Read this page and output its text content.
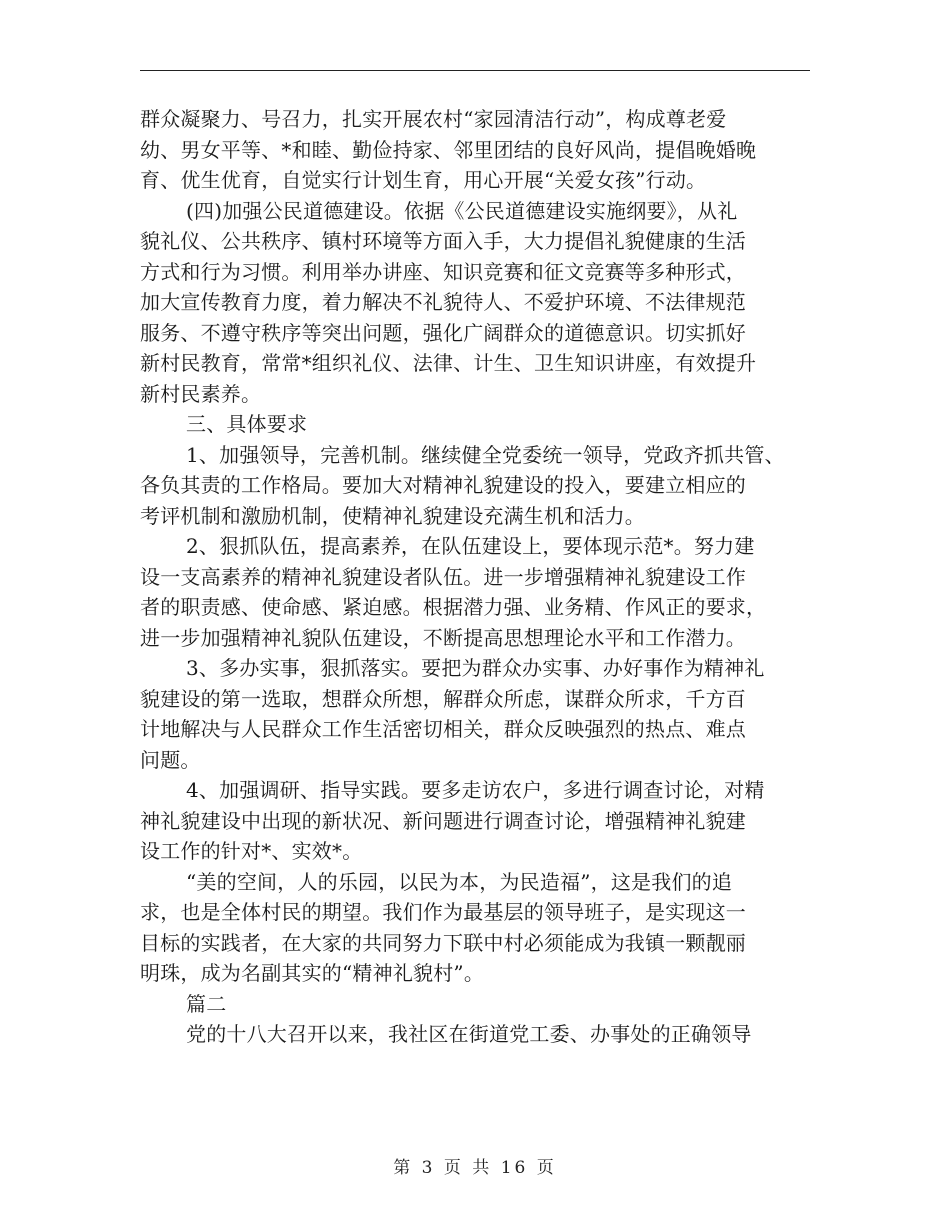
群众凝聚力、号召力，扎实开展农村“家园清洁行动”，构成尊老爱
幼、男女平等、*和睦、勤俭持家、邻里团结的良好风尚，提倡晚婚晚
育、优生优育，自觉实行计划生育，用心开展“关爱女孩”行动。
(四)加强公民道德建设。依据《公民道德建设实施纲要》，从礼
貌礼仪、公共秩序、镇村环境等方面入手，大力提倡礼貌健康的生活
方式和行为习惯。利用举办讲座、知识竞赛和征文竞赛等多种形式，
加大宣传教育力度，着力解决不礼貌待人、不爱护环境、不法律规范
服务、不遵守秩序等突出问题，强化广阔群众的道德意识。切实抓好
新村民教育，常常*组织礼仪、法律、计生、卫生知识讲座，有效提升
新村民素养。
三、具体要求
1、加强领导，完善机制。继续健全党委统一领导，党政齐抓共管、
各负其责的工作格局。要加大对精神礼貌建设的投入，要建立相应的
考评机制和激励机制，使精神礼貌建设充满生机和活力。
2、狠抓队伍，提高素养，在队伍建设上，要体现示范*。努力建
设一支高素养的精神礼貌建设者队伍。进一步增强精神礼貌建设工作
者的职责感、使命感、紧迫感。根据潜力强、业务精、作风正的要求，
进一步加强精神礼貌队伍建设，不断提高思想理论水平和工作潜力。
3、多办实事，狠抓落实。要把为群众办实事、办好事作为精神礼
貌建设的第一选取，想群众所想，解群众所虑，谋群众所求，千方百
计地解决与人民群众工作生活密切相关，群众反映强烈的热点、难点
问题。
4、加强调研、指导实践。要多走访农户，多进行调查讨论，对精
神礼貌建设中出现的新状况、新问题进行调查讨论，增强精神礼貌建
设工作的针对*、实效*。
“美的空间，人的乐园，以民为本，为民造福”，这是我们的追
求，也是全体村民的期望。我们作为最基层的领导班子，是实现这一
目标的实践者，在大家的共同努力下联中村必须能成为我镇一颗靓丽
明珠，成为名副其实的“精神礼貌村”。
篇二
党的十八大召开以来，我社区在街道党工委、办事处的正确领导
第 3 页 共 16 页
